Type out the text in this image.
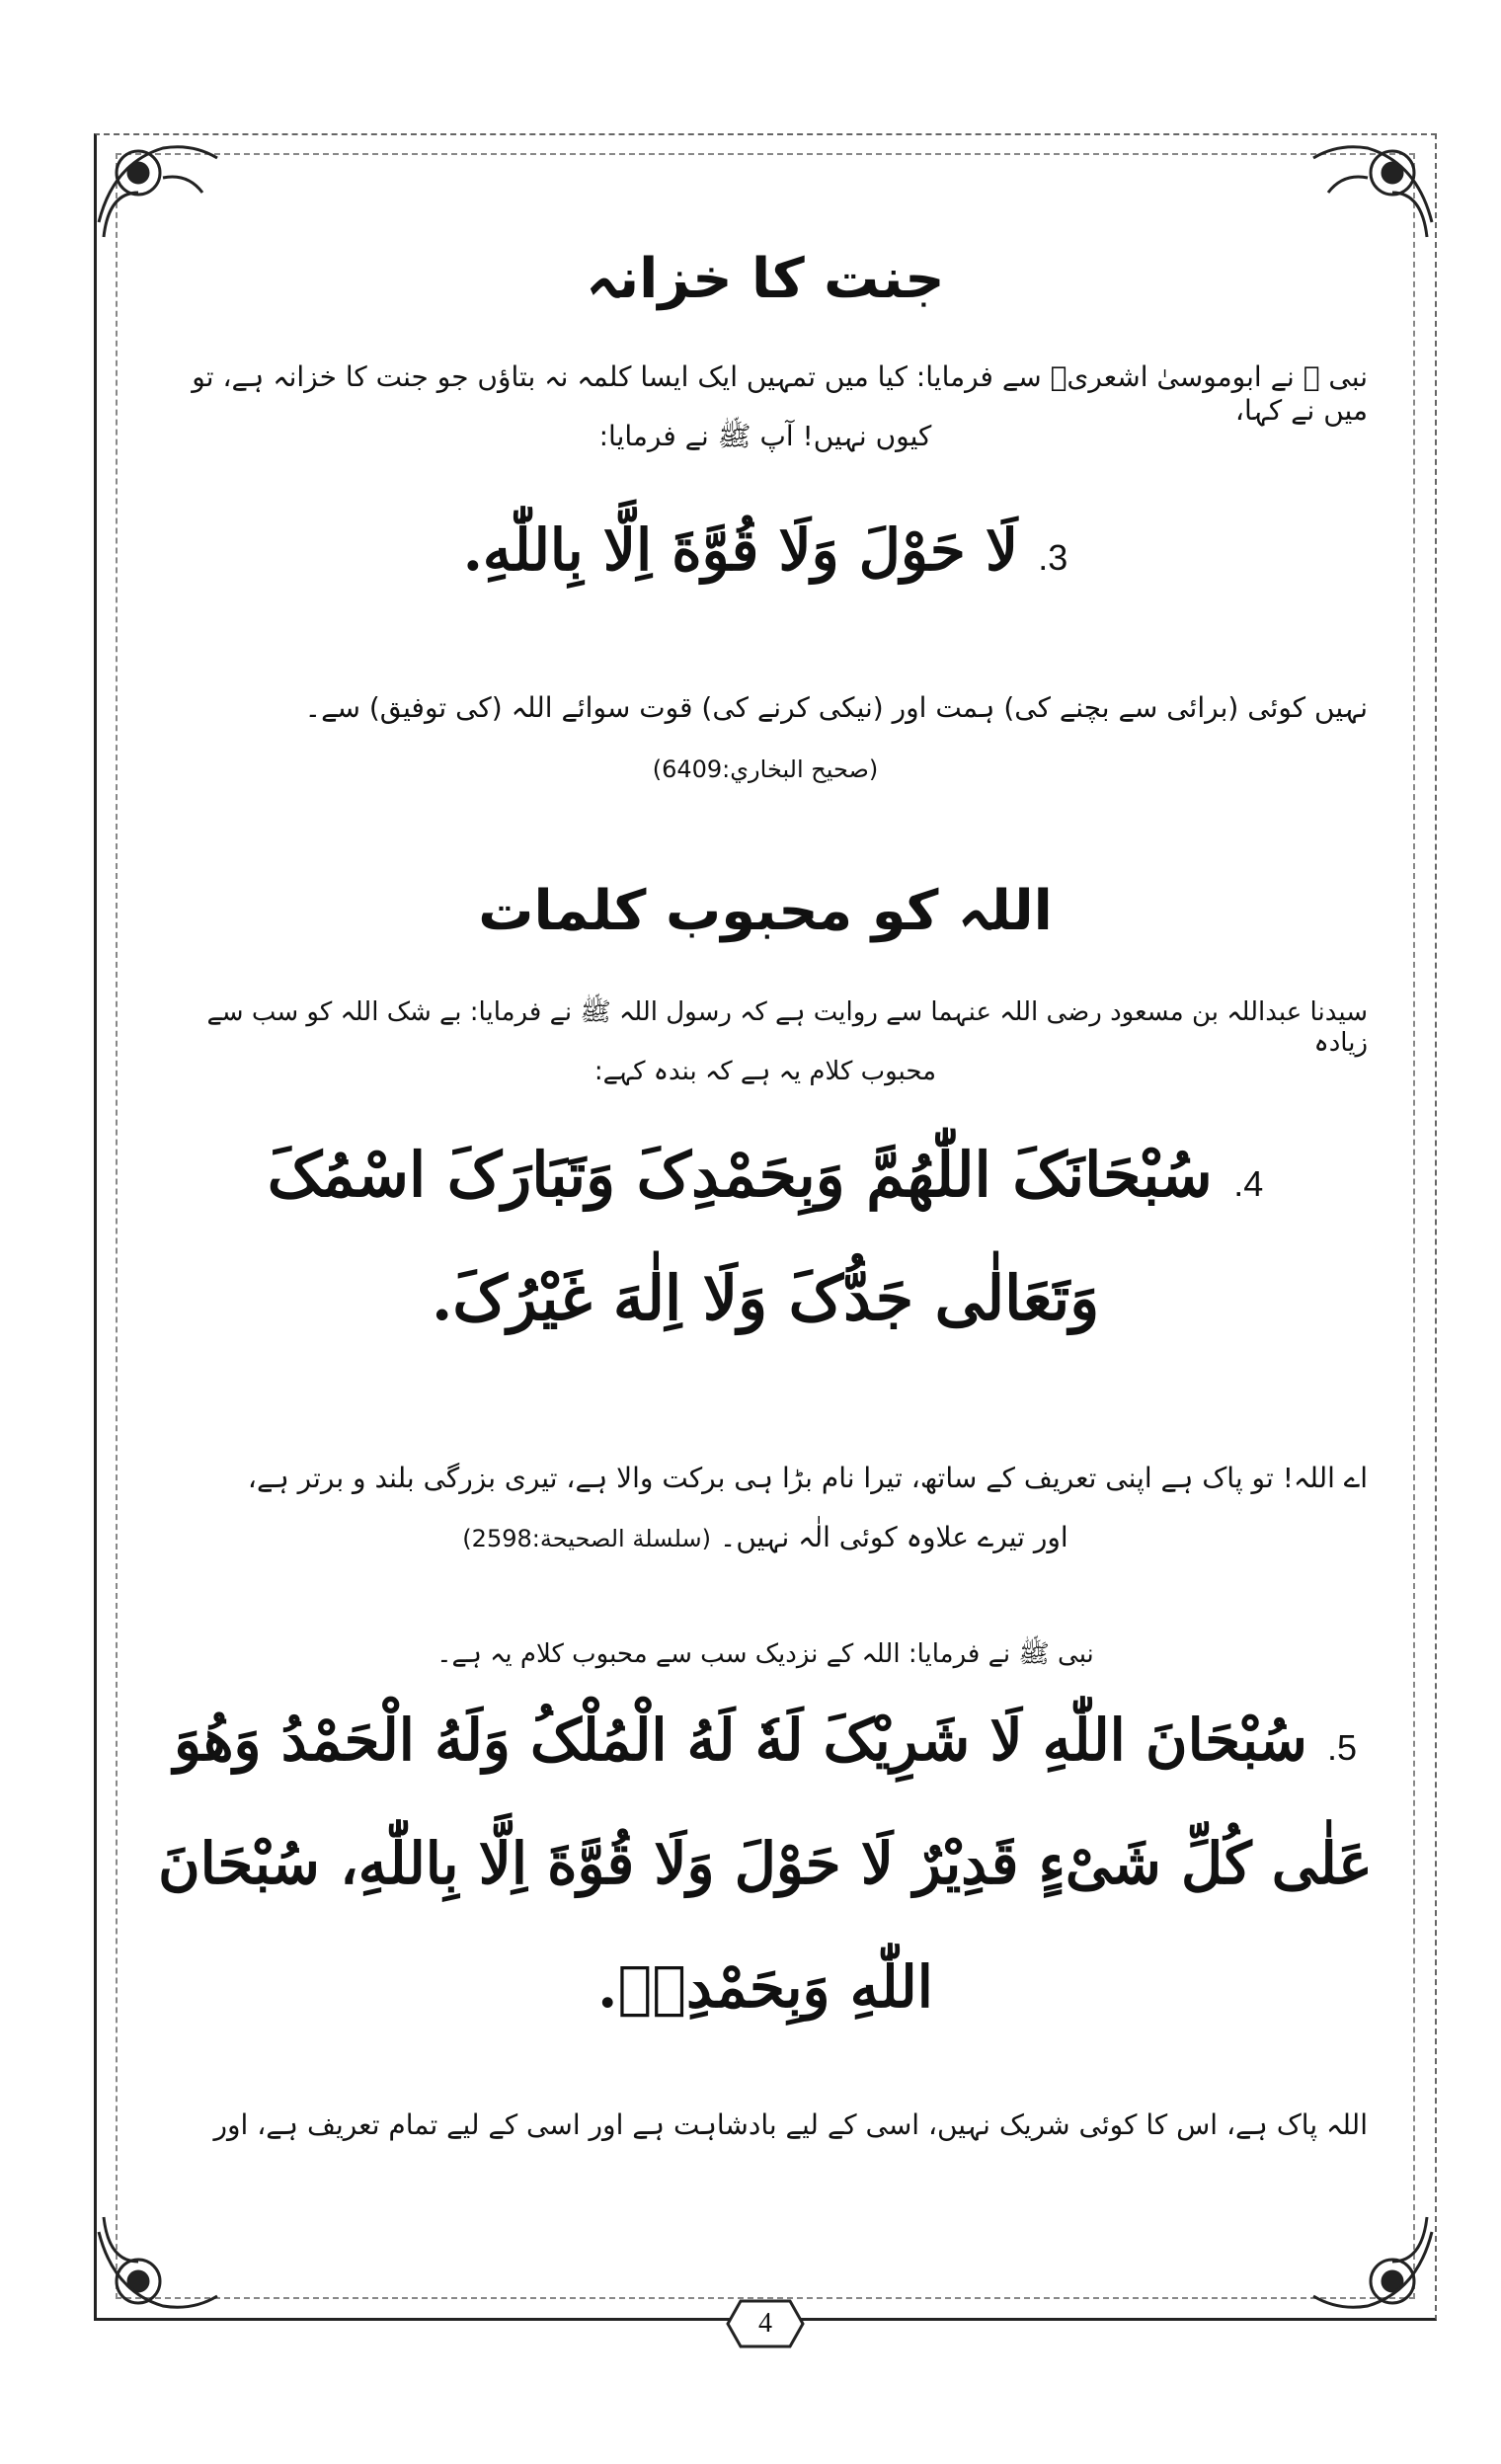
جنت کا خزانہ
نبی ﷺ نے ابوموسیٰ اشعریؓ سے فرمایا: کیا میں تمہیں ایک ایسا کلمہ نہ بتاؤں جو جنت کا خزانہ ہے، تو میں نے کہا،
کیوں نہیں! آپ ﷺ نے فرمایا:
3. لَا حَوْلَ وَلَا قُوَّةَ اِلَّا بِاللّٰهِ.
نہیں کوئی (برائی سے بچنے کی) ہمت اور (نیکی کرنے کی) قوت سوائے اللہ (کی توفیق) سے۔
(صحيح البخاري:6409)
اللہ کو محبوب کلمات
سیدنا عبداللہ بن مسعود رضی اللہ عنہما سے روایت ہے کہ رسول اللہ ﷺ نے فرمایا: بے شک اللہ کو سب سے زیادہ
محبوب کلام یہ ہے کہ بندہ کہے:
4. سُبْحَانَکَ اللّٰهُمَّ وَبِحَمْدِکَ وَتَبَارَکَ اسْمُکَ
وَتَعَالٰی جَدُّکَ وَلَا اِلٰهَ غَیْرُکَ.
اے اللہ! تو پاک ہے اپنی تعریف کے ساتھ، تیرا نام بڑا ہی برکت والا ہے، تیری بزرگی بلند و برتر ہے،
اور تیرے علاوہ کوئی الٰہ نہیں۔ (سلسلة الصحيحة:2598)
نبی ﷺ نے فرمایا: اللہ کے نزدیک سب سے محبوب کلام یہ ہے۔
5. سُبْحَانَ اللّٰهِ لَا شَرِیْکَ لَهٗ لَهُ الْمُلْکُ وَلَهُ الْحَمْدُ وَهُوَ
عَلٰی کُلِّ شَیْءٍ قَدِیْرٌ لَا حَوْلَ وَلَا قُوَّةَ اِلَّا بِاللّٰهِ، سُبْحَانَ
اللّٰهِ وَبِحَمْدِهٖ.
اللہ پاک ہے، اس کا کوئی شریک نہیں، اسی کے لیے بادشاہت ہے اور اسی کے لیے تمام تعریف ہے، اور
4
